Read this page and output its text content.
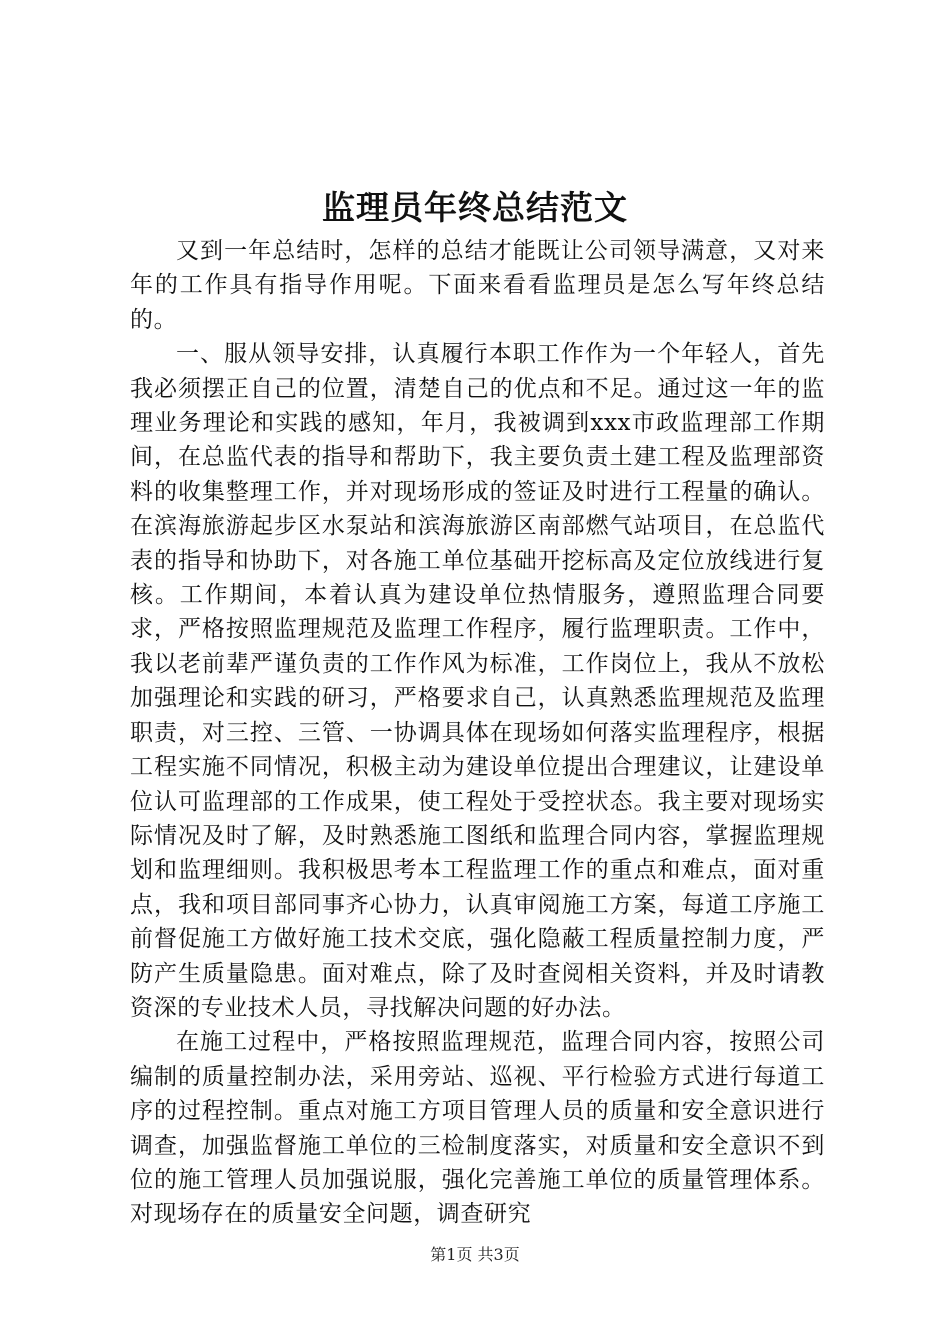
监理员年终总结范文

又到一年总结时，怎样的总结才能既让公司领导满意，又对来年的工作具有指导作用呢。下面来看看监理员是怎么写年终总结的。

一、服从领导安排，认真履行本职工作作为一个年轻人，首先我必须摆正自己的位置，清楚自己的优点和不足。通过这一年的监理业务理论和实践的感知，年月，我被调到xxx市政监理部工作期间，在总监代表的指导和帮助下，我主要负责土建工程及监理部资料的收集整理工作，并对现场形成的签证及时进行工程量的确认。在滨海旅游起步区水泵站和滨海旅游区南部燃气站项目，在总监代表的指导和协助下，对各施工单位基础开挖标高及定位放线进行复核。工作期间，本着认真为建设单位热情服务，遵照监理合同要求，严格按照监理规范及监理工作程序，履行监理职责。工作中，我以老前辈严谨负责的工作作风为标准，工作岗位上，我从不放松加强理论和实践的研习，严格要求自己，认真熟悉监理规范及监理职责，对三控、三管、一协调具体在现场如何落实监理程序，根据工程实施不同情况，积极主动为建设单位提出合理建议，让建设单位认可监理部的工作成果，使工程处于受控状态。我主要对现场实际情况及时了解，及时熟悉施工图纸和监理合同内容，掌握监理规划和监理细则。我积极思考本工程监理工作的重点和难点，面对重点，我和项目部同事齐心协力，认真审阅施工方案，每道工序施工前督促施工方做好施工技术交底，强化隐蔽工程质量控制力度，严防产生质量隐患。面对难点，除了及时查阅相关资料，并及时请教资深的专业技术人员，寻找解决问题的好办法。

在施工过程中，严格按照监理规范，监理合同内容，按照公司编制的质量控制办法，采用旁站、巡视、平行检验方式进行每道工序的过程控制。重点对施工方项目管理人员的质量和安全意识进行调查，加强监督施工单位的三检制度落实，对质量和安全意识不到位的施工管理人员加强说服，强化完善施工单位的质量管理体系。对现场存在的质量安全问题，调查研究

第1页 共3页
